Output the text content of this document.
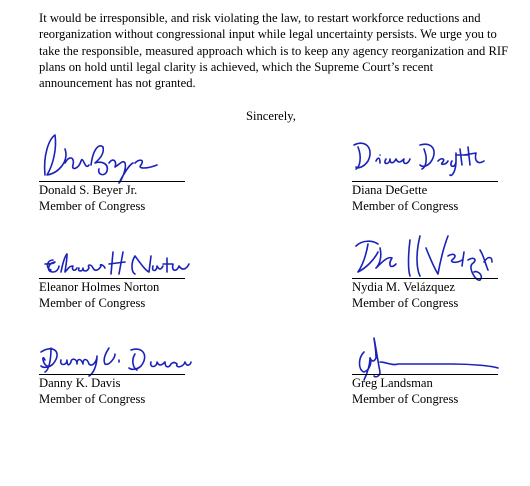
It would be irresponsible, and risk violating the law, to restart workforce reductions and reorganization without congressional input while legal uncertainty persists. We urge you to take the responsible, measured approach which is to keep any agency reorganization and RIF plans on hold until legal clarity is achieved, which the Supreme Court’s recent announcement has not granted.

Sincerely,

Donald S. Beyer Jr.
Member of Congress
Diana DeGette
Member of Congress
Eleanor Holmes Norton
Member of Congress
Nydia M. Velázquez
Member of Congress
Danny K. Davis
Member of Congress
Greg Landsman
Member of Congress
